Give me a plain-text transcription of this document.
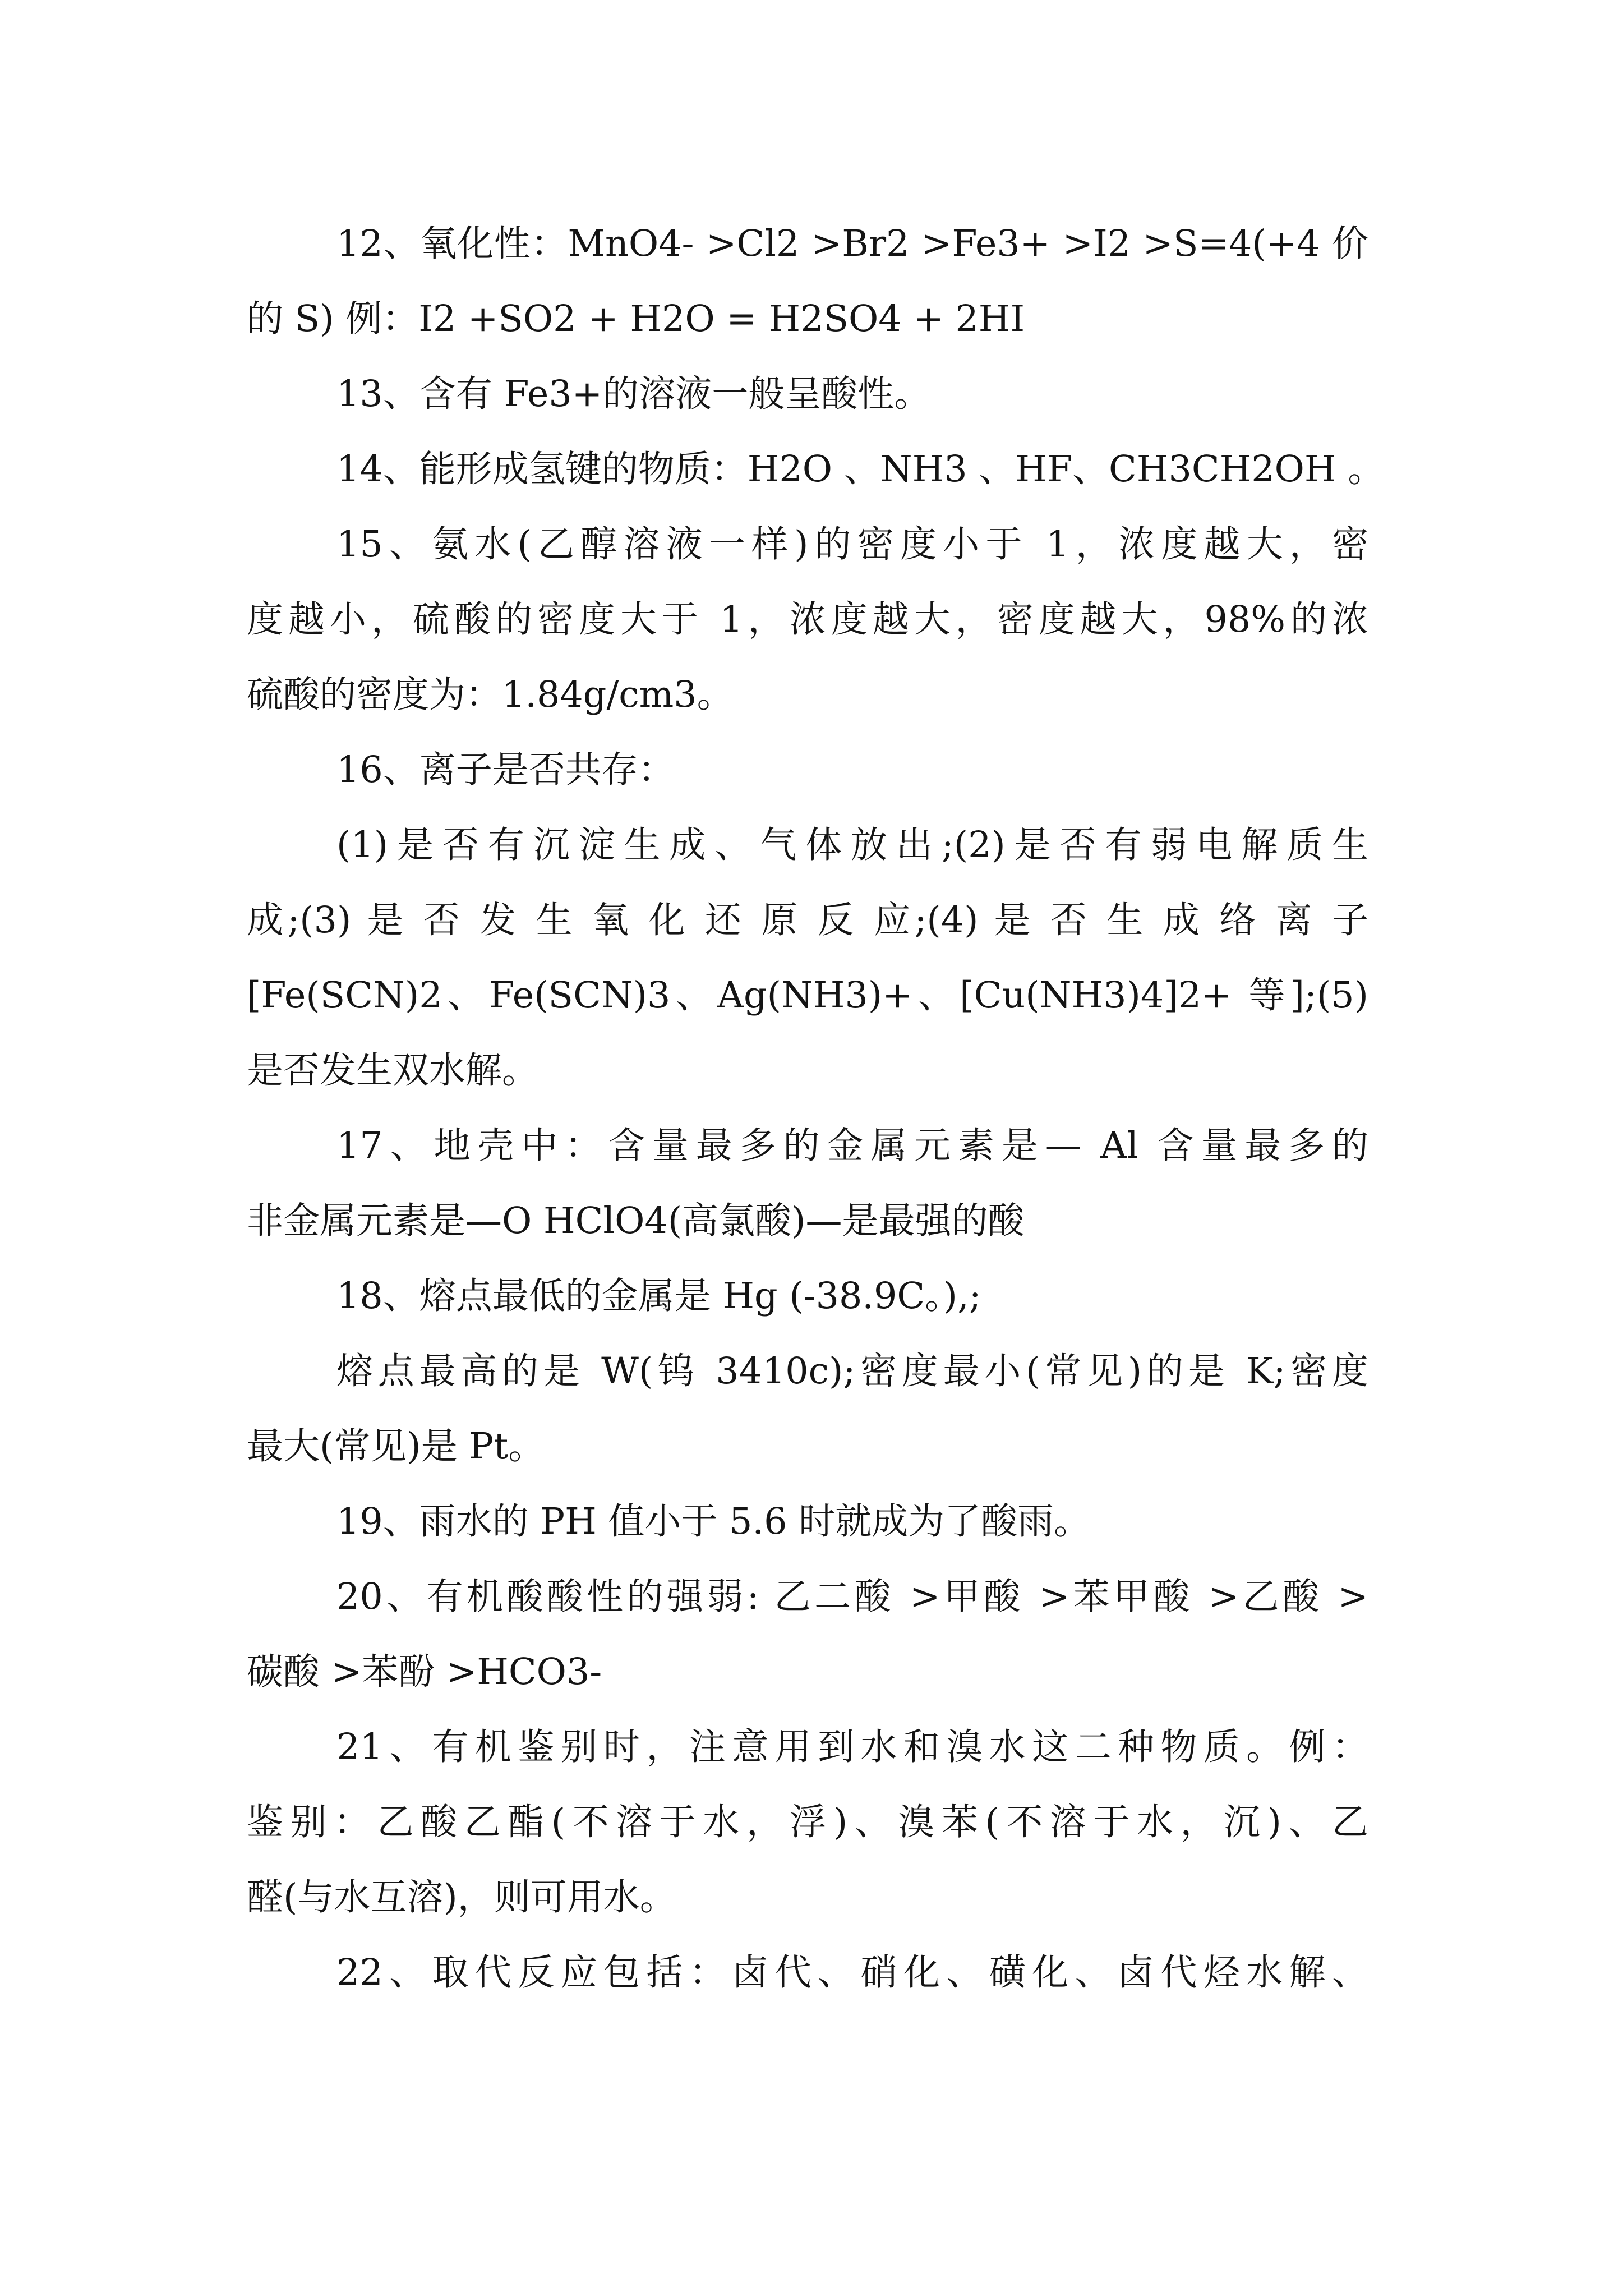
12、氧化性：MnO4- >Cl2 >Br2 >Fe3+ >I2 >S=4(+4 价
的 S) 例：I2 +SO2 + H2O = H2SO4 + 2HI
13、含有 Fe3+的溶液一般呈酸性。
14、能形成氢键的物质：H2O 、NH3 、HF、CH3CH2OH 。
15、氨水(乙醇溶液一样)的密度小于 1，浓度越大，密
度越小，硫酸的密度大于 1，浓度越大，密度越大，98%的浓
硫酸的密度为：1.84g/cm3。
16、离子是否共存：
(1)是否有沉淀生成、气体放出;(2)是否有弱电解质生
成;(3) 是 否 发 生 氧 化 还 原 反 应;(4) 是 否 生 成 络 离 子
[Fe(SCN)2、Fe(SCN)3、Ag(NH3)+、[Cu(NH3)4]2+ 等];(5)
是否发生双水解。
17、地壳中：含量最多的金属元素是— Al 含量最多的
非金属元素是—O HClO4(高氯酸)—是最强的酸
18、熔点最低的金属是 Hg (-38.9C。),;
熔点最高的是 W(钨 3410c);密度最小(常见)的是 K;密度
最大(常见)是 Pt。
19、雨水的 PH 值小于 5.6 时就成为了酸雨。
20、有机酸酸性的强弱: 乙二酸 >甲酸 >苯甲酸 >乙酸 >
碳酸 >苯酚 >HCO3-
21、有机鉴别时，注意用到水和溴水这二种物质。例：
鉴别：乙酸乙酯(不溶于水，浮)、溴苯(不溶于水，沉)、乙
醛(与水互溶)，则可用水。
22、取代反应包括：卤代、硝化、磺化、卤代烃水解、
